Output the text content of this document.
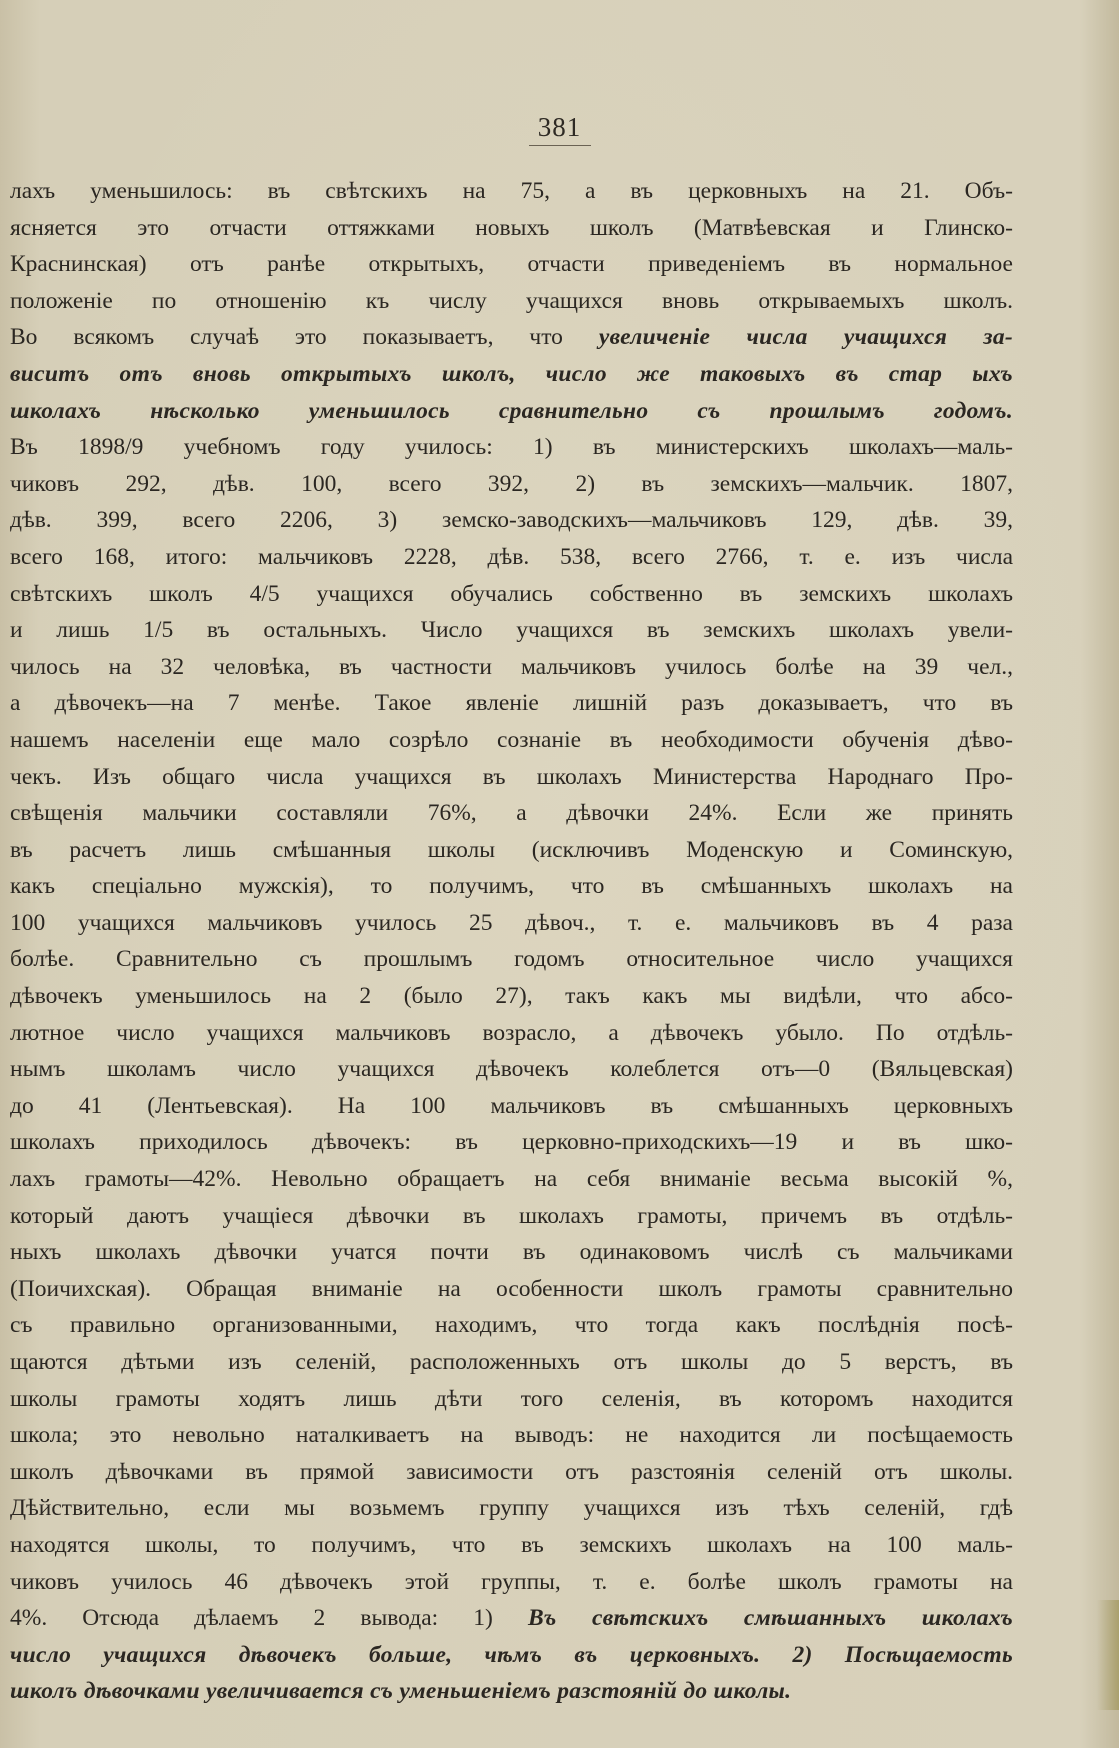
381
лахъ уменьшилось: въ свѣтскихъ на 75, а въ церковныхъ на 21. Объ-
ясняется это отчасти оттяжками новыхъ школъ (Матвѣевская и Глинско-
Краснинская) отъ ранѣе открытыхъ, отчасти приведеніемъ въ нормальное
положеніе по отношенію къ числу учащихся вновь открываемыхъ школъ.
Во всякомъ случаѣ это показываетъ, что увеличеніе числа учащихся за-
виситъ отъ вновь открытыхъ школъ, число же таковыхъ въ стар ыхъ
школахъ нѣсколько уменьшилось сравнительно съ прошлымъ годомъ.
Въ 1898/9 учебномъ году училось: 1) въ министерскихъ школахъ—маль-
чиковъ 292, дѣв. 100, всего 392, 2) въ земскихъ—мальчик. 1807,
дѣв. 399, всего 2206, 3) земско-заводскихъ—мальчиковъ 129, дѣв. 39,
всего 168, итого: мальчиковъ 2228, дѣв. 538, всего 2766, т. е. изъ числа
свѣтскихъ школъ 4/5 учащихся обучались собственно въ земскихъ школахъ
и лишь 1/5 въ остальныхъ. Число учащихся въ земскихъ школахъ увели-
чилось на 32 человѣка, въ частности мальчиковъ училось болѣе на 39 чел.,
а дѣвочекъ—на 7 менѣе. Такое явленіе лишній разъ доказываетъ, что въ
нашемъ населеніи еще мало созрѣло сознаніе въ необходимости обученія дѣво-
чекъ. Изъ общаго числа учащихся въ школахъ Министерства Народнаго Про-
свѣщенія мальчики составляли 76%, а дѣвочки 24%. Если же принять
въ расчетъ лишь смѣшанныя школы (исключивъ Моденскую и Соминскую,
какъ спеціально мужскія), то получимъ, что въ смѣшанныхъ школахъ на
100 учащихся мальчиковъ училось 25 дѣвоч., т. е. мальчиковъ въ 4 раза
болѣе. Сравнительно съ прошлымъ годомъ относительное число учащихся
дѣвочекъ уменьшилось на 2 (было 27), такъ какъ мы видѣли, что абсо-
лютное число учащихся мальчиковъ возрасло, а дѣвочекъ убыло. По отдѣль-
нымъ школамъ число учащихся дѣвочекъ колеблется отъ—0 (Вяльцевская)
до 41 (Лентьевская). На 100 мальчиковъ въ смѣшанныхъ церковныхъ
школахъ приходилось дѣвочекъ: въ церковно-приходскихъ—19 и въ шко-
лахъ грамоты—42%. Невольно обращаетъ на себя вниманіе весьма высокій %,
который даютъ учащіеся дѣвочки въ школахъ грамоты, причемъ въ отдѣль-
ныхъ школахъ дѣвочки учатся почти въ одинаковомъ числѣ съ мальчиками
(Поичихская). Обращая вниманіе на особенности школъ грамоты сравнительно
съ правильно организованными, находимъ, что тогда какъ послѣднія посѣ-
щаются дѣтьми изъ селеній, расположенныхъ отъ школы до 5 верстъ, въ
школы грамоты ходятъ лишь дѣти того селенія, въ которомъ находится
школа; это невольно наталкиваетъ на выводъ: не находится ли посѣщаемость
школъ дѣвочками въ прямой зависимости отъ разстоянія селеній отъ школы.
Дѣйствительно, если мы возьмемъ группу учащихся изъ тѣхъ селеній, гдѣ
находятся школы, то получимъ, что въ земскихъ школахъ на 100 маль-
чиковъ училось 46 дѣвочекъ этой группы, т. е. болѣе школъ грамоты на
4%. Отсюда дѣлаемъ 2 вывода: 1) Въ свѣтскихъ смѣшанныхъ школахъ
число учащихся дѣвочекъ больше, чѣмъ въ церковныхъ. 2) Посѣщаемость
школъ дѣвочками увеличивается съ уменьшеніемъ разстояній до школы.
